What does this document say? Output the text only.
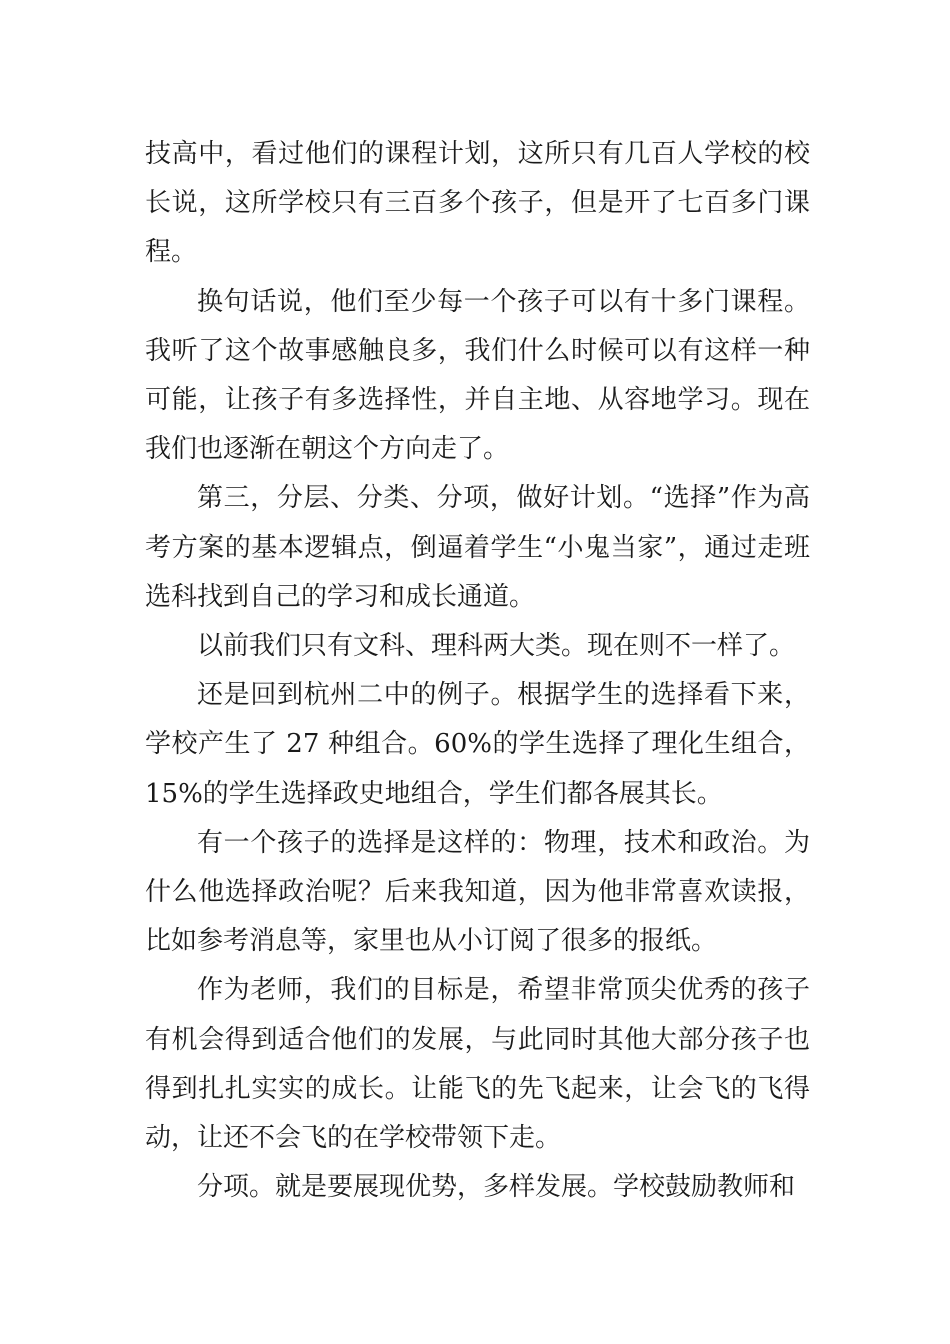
技高中，看过他们的课程计划，这所只有几百人学校的校长说，这所学校只有三百多个孩子，但是开了七百多门课程。

换句话说，他们至少每一个孩子可以有十多门课程。我听了这个故事感触良多，我们什么时候可以有这样一种可能，让孩子有多选择性，并自主地、从容地学习。现在我们也逐渐在朝这个方向走了。

第三，分层、分类、分项，做好计划。“选择”作为高考方案的基本逻辑点，倒逼着学生“小鬼当家”，通过走班选科找到自己的学习和成长通道。

以前我们只有文科、理科两大类。现在则不一样了。

还是回到杭州二中的例子。根据学生的选择看下来，学校产生了 27 种组合。60%的学生选择了理化生组合，15%的学生选择政史地组合，学生们都各展其长。

有一个孩子的选择是这样的：物理，技术和政治。为什么他选择政治呢？后来我知道，因为他非常喜欢读报，比如参考消息等，家里也从小订阅了很多的报纸。

作为老师，我们的目标是，希望非常顶尖优秀的孩子有机会得到适合他们的发展，与此同时其他大部分孩子也得到扎扎实实的成长。让能飞的先飞起来，让会飞的飞得动，让还不会飞的在学校带领下走。

分项。就是要展现优势，多样发展。学校鼓励教师和
